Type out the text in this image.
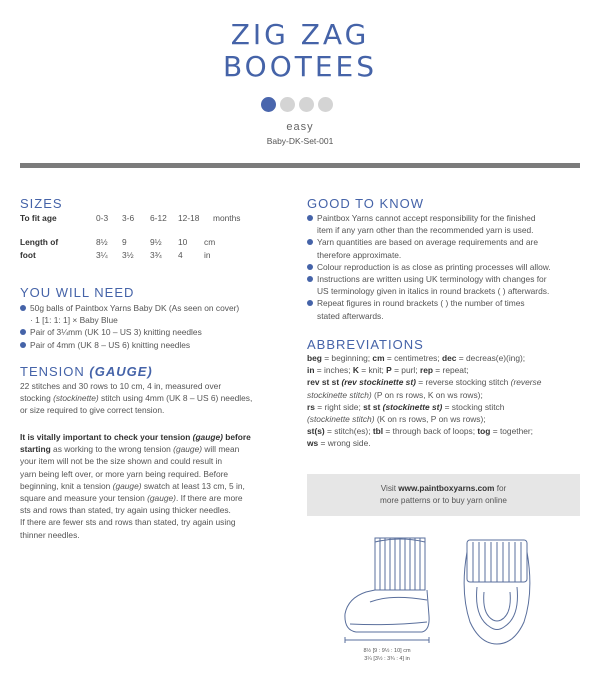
ZIG ZAG
BOOTEES
easy
Baby-DK-Set-001
SIZES
To fit age	0-3 3-6 6-12 12-18 months
Length of	8½ 9	9½ 10 cm
foot	3¼ 3½ 3¾ 4	in
YOU WILL NEED
50g balls of Paintbox Yarns Baby DK (As seen on cover)
· 1 [1: 1: 1] × Baby Blue
Pair of 3¼mm (UK 10 – US 3) knitting needles
Pair of 4mm (UK 8 – US 6) knitting needles
TENSION (GAUGE)
22 stitches and 30 rows to 10 cm, 4 in, measured over
stocking (stockinette) stitch using 4mm (UK 8 – US 6) needles,
or size required to give correct tension.
It is vitally important to check your tension (gauge) before
starting as working to the wrong tension (gauge) will mean
your item will not be the size shown and could result in
yarn being left over, or more yarn being required. Before
beginning, knit a tension (gauge) swatch at least 13 cm, 5 in,
square and measure your tension (gauge). If there are more
sts and rows than stated, try again using thicker needles.
If there are fewer sts and rows than stated, try again using
thinner needles.
GOOD TO KNOW
Paintbox Yarns cannot accept responsibility for the finished
item if any yarn other than the recommended yarn is used.
Yarn quantities are based on average requirements and are
therefore approximate.
Colour reproduction is as close as printing processes will allow.
Instructions are written using UK terminology with changes for
US terminology given in italics in round brackets ( ) afterwards.
Repeat figures in round brackets ( ) the number of times
stated afterwards.
ABBREVIATIONS
beg = beginning; cm = centimetres; dec = decreas(e)(ing);
in = inches; K = knit; P = purl; rep = repeat;
rev st st (rev stockinette st) = reverse stocking stitch (reverse
stockinette stitch) (P on rs rows, K on ws rows);
rs = right side; st st (stockinette st) = stocking stitch
(stockinette stitch) (K on rs rows, P on ws rows);
st(s) = stitch(es); tbl = through back of loops; tog = together;
ws = wrong side.
Visit www.paintboxyarns.com for
more patterns or to buy yarn online
8½ [9 : 9½ : 10] cm
3¼ [3½ : 3¾ : 4] in
